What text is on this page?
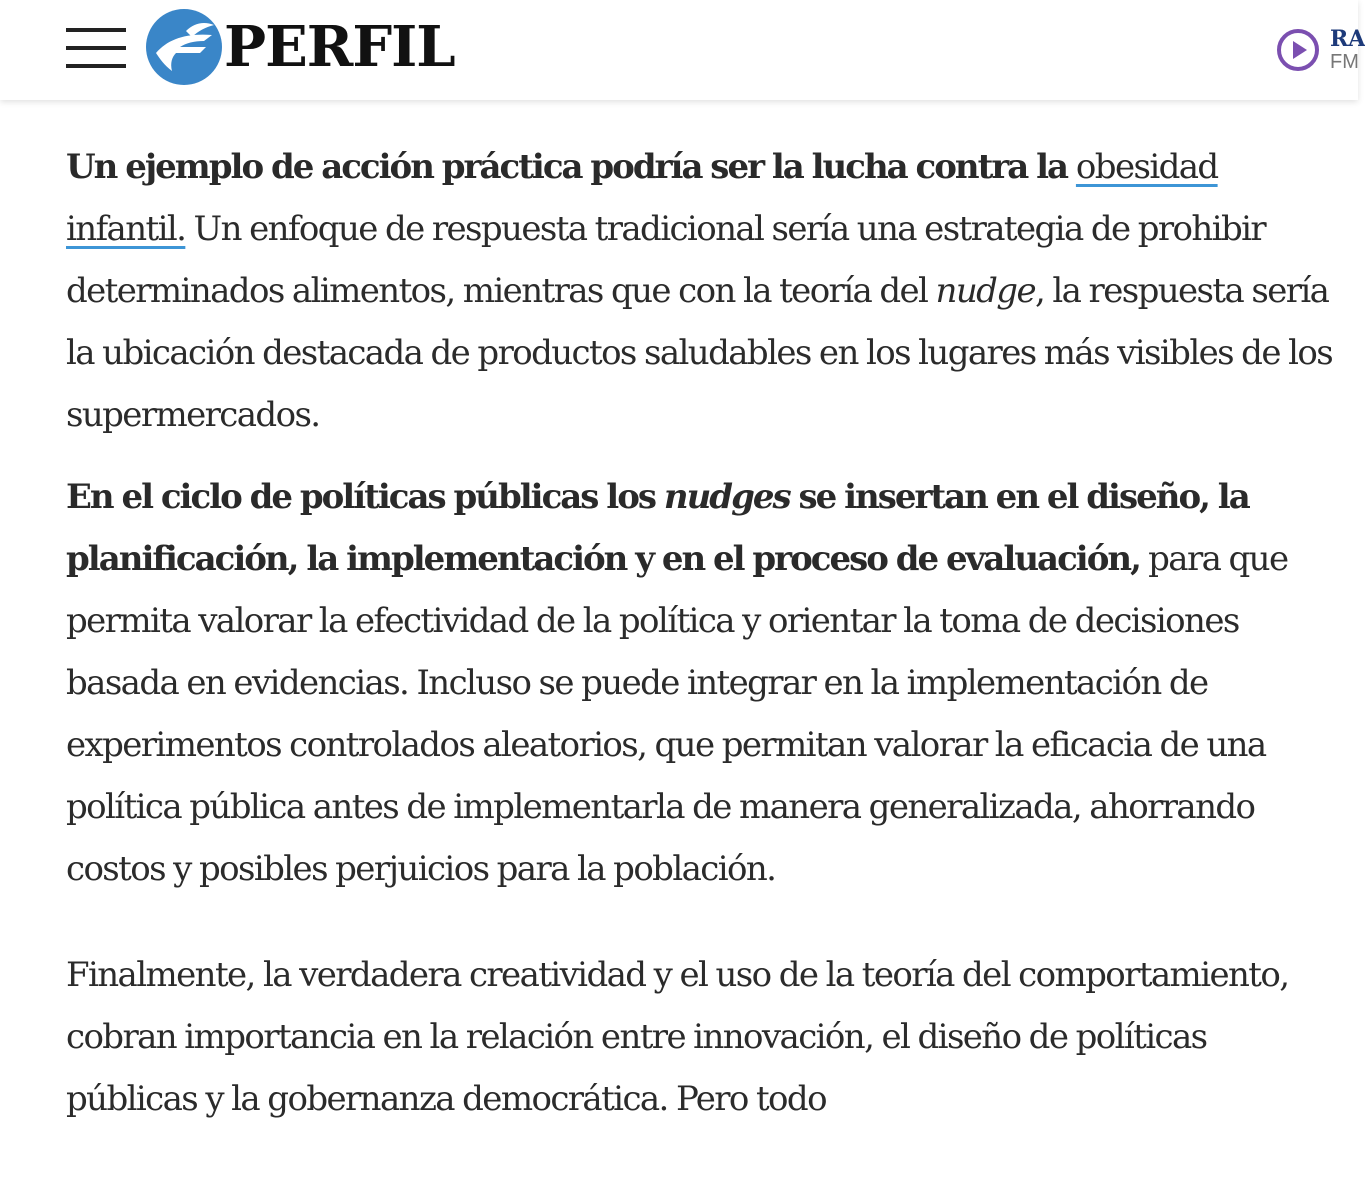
PERFIL	RA
FM

Un ejemplo de acción práctica podría ser la lucha contra la obesidad infantil. Un enfoque de respuesta tradicional sería una estrategia de prohibir determinados alimentos, mientras que con la teoría del nudge, la respuesta sería la ubicación destacada de productos saludables en los lugares más visibles de los supermercados.

En el ciclo de políticas públicas los nudges se insertan en el diseño, la planificación, la implementación y en el proceso de evaluación, para que permita valorar la efectividad de la política y orientar la toma de decisiones basada en evidencias. Incluso se puede integrar en la implementación de experimentos controlados aleatorios, que permitan valorar la eficacia de una política pública antes de implementarla de manera generalizada, ahorrando costos y posibles perjuicios para la población.

Finalmente, la verdadera creatividad y el uso de la teoría del comportamiento, cobran importancia en la relación entre innovación, el diseño de políticas públicas y la gobernanza democrática. Pero todo
